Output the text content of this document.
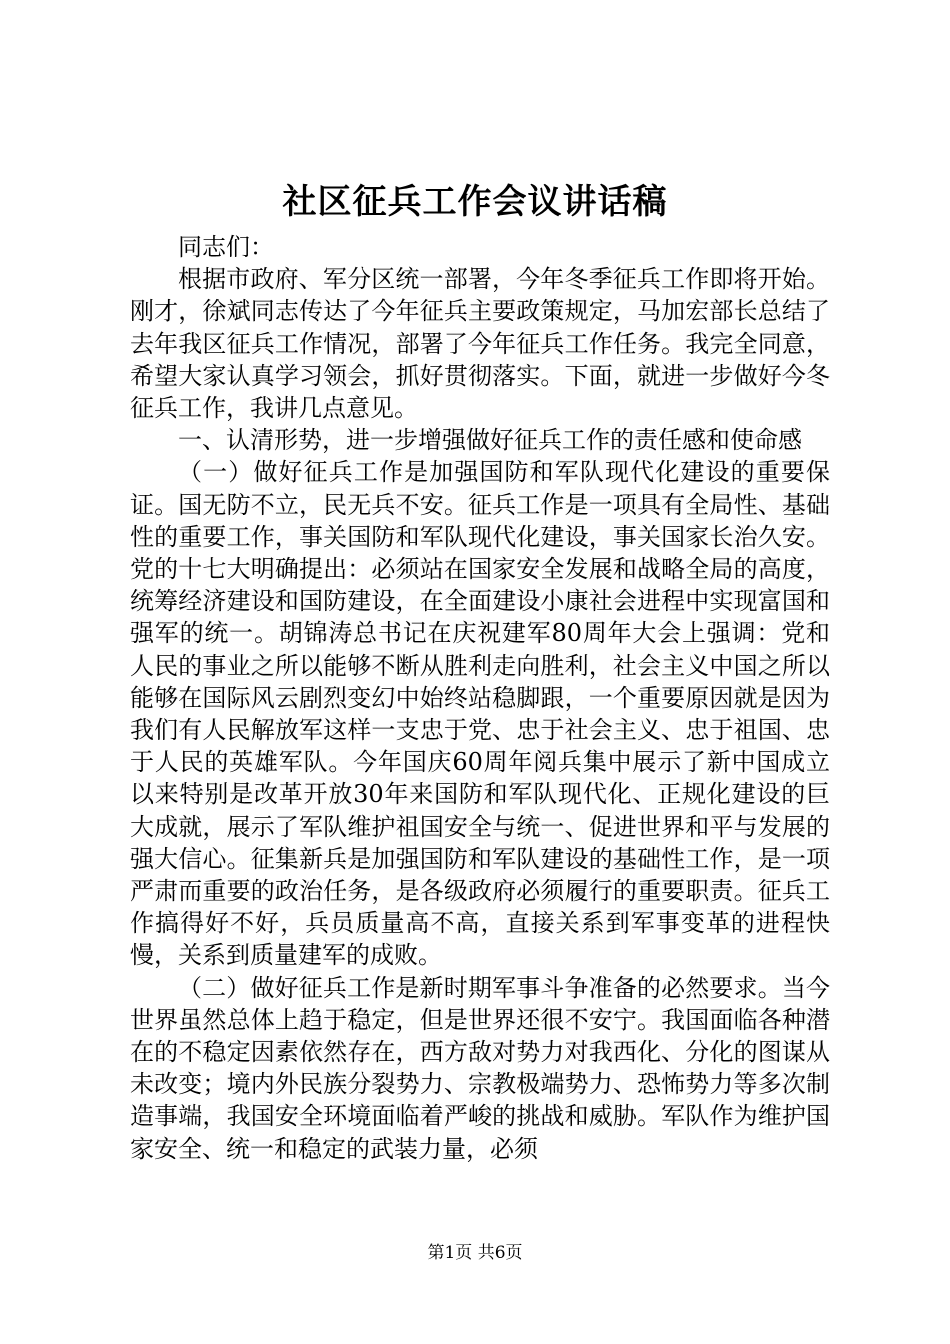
社区征兵工作会议讲话稿

同志们：

根据市政府、军分区统一部署，今年冬季征兵工作即将开始。刚才，徐斌同志传达了今年征兵主要政策规定，马加宏部长总结了去年我区征兵工作情况，部署了今年征兵工作任务。我完全同意，希望大家认真学习领会，抓好贯彻落实。下面，就进一步做好今冬征兵工作，我讲几点意见。

一、认清形势，进一步增强做好征兵工作的责任感和使命感

（一）做好征兵工作是加强国防和军队现代化建设的重要保证。国无防不立，民无兵不安。征兵工作是一项具有全局性、基础性的重要工作，事关国防和军队现代化建设，事关国家长治久安。党的十七大明确提出：必须站在国家安全发展和战略全局的高度，统筹经济建设和国防建设，在全面建设小康社会进程中实现富国和强军的统一。胡锦涛总书记在庆祝建军80周年大会上强调：党和人民的事业之所以能够不断从胜利走向胜利，社会主义中国之所以能够在国际风云剧烈变幻中始终站稳脚跟，一个重要原因就是因为我们有人民解放军这样一支忠于党、忠于社会主义、忠于祖国、忠于人民的英雄军队。今年国庆60周年阅兵集中展示了新中国成立以来特别是改革开放30年来国防和军队现代化、正规化建设的巨大成就，展示了军队维护祖国安全与统一、促进世界和平与发展的强大信心。征集新兵是加强国防和军队建设的基础性工作，是一项严肃而重要的政治任务，是各级政府必须履行的重要职责。征兵工作搞得好不好，兵员质量高不高，直接关系到军事变革的进程快慢，关系到质量建军的成败。

（二）做好征兵工作是新时期军事斗争准备的必然要求。当今世界虽然总体上趋于稳定，但是世界还很不安宁。我国面临各种潜在的不稳定因素依然存在，西方敌对势力对我西化、分化的图谋从未改变；境内外民族分裂势力、宗教极端势力、恐怖势力等多次制造事端，我国安全环境面临着严峻的挑战和威胁。军队作为维护国家安全、统一和稳定的武装力量，必须

第1页 共6页
